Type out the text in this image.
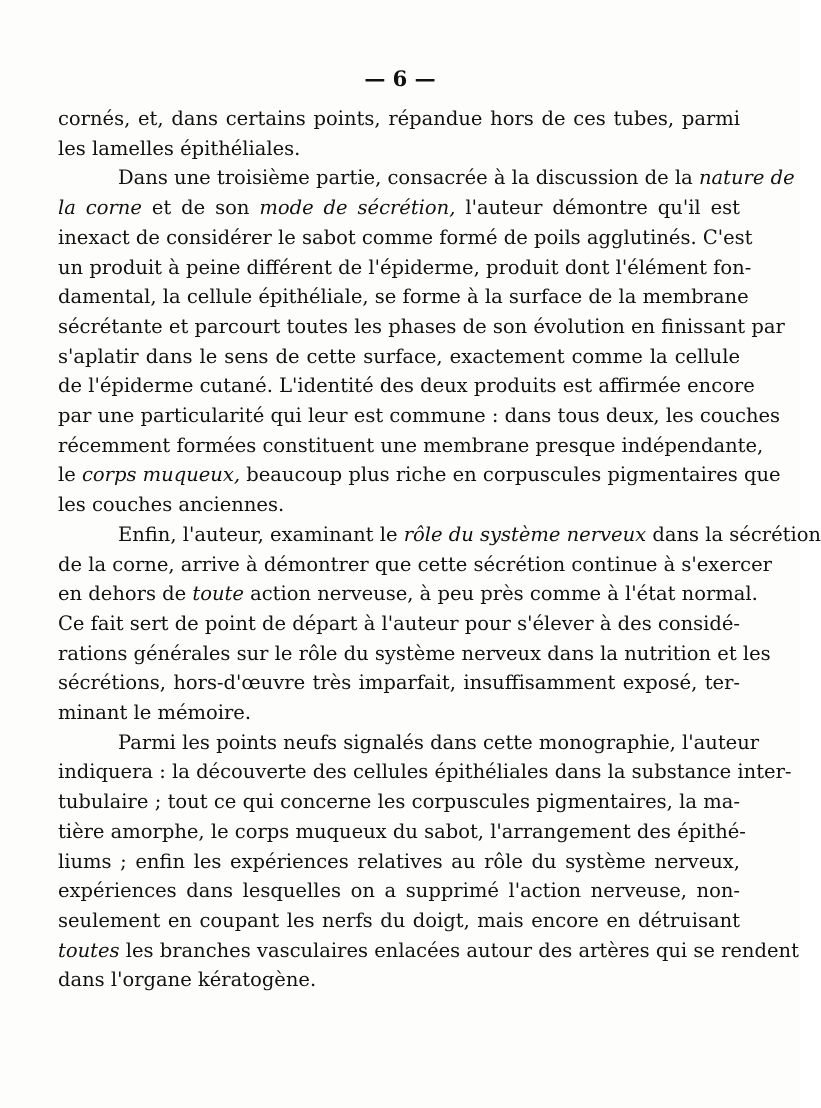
— 6 —
cornés, et, dans certains points, répandue hors de ces tubes, parmi
les lamelles épithéliales.
Dans une troisième partie, consacrée à la discussion de la nature de
la corne et de son mode de sécrétion, l'auteur démontre qu'il est
inexact de considérer le sabot comme formé de poils agglutinés. C'est
un produit à peine différent de l'épiderme, produit dont l'élément fon-
damental, la cellule épithéliale, se forme à la surface de la membrane
sécrétante et parcourt toutes les phases de son évolution en finissant par
s'aplatir dans le sens de cette surface, exactement comme la cellule
de l'épiderme cutané. L'identité des deux produits est affirmée encore
par une particularité qui leur est commune : dans tous deux, les couches
récemment formées constituent une membrane presque indépendante,
le corps muqueux, beaucoup plus riche en corpuscules pigmentaires que
les couches anciennes.
Enfin, l'auteur, examinant le rôle du système nerveux dans la sécrétion
de la corne, arrive à démontrer que cette sécrétion continue à s'exercer
en dehors de toute action nerveuse, à peu près comme à l'état normal.
Ce fait sert de point de départ à l'auteur pour s'élever à des considé-
rations générales sur le rôle du système nerveux dans la nutrition et les
sécrétions, hors-d'œuvre très imparfait, insuffisamment exposé, ter-
minant le mémoire.
Parmi les points neufs signalés dans cette monographie, l'auteur
indiquera : la découverte des cellules épithéliales dans la substance inter-
tubulaire ; tout ce qui concerne les corpuscules pigmentaires, la ma-
tière amorphe, le corps muqueux du sabot, l'arrangement des épithé-
liums ; enfin les expériences relatives au rôle du système nerveux,
expériences dans lesquelles on a supprimé l'action nerveuse, non-
seulement en coupant les nerfs du doigt, mais encore en détruisant
toutes les branches vasculaires enlacées autour des artères qui se rendent
dans l'organe kératogène.
